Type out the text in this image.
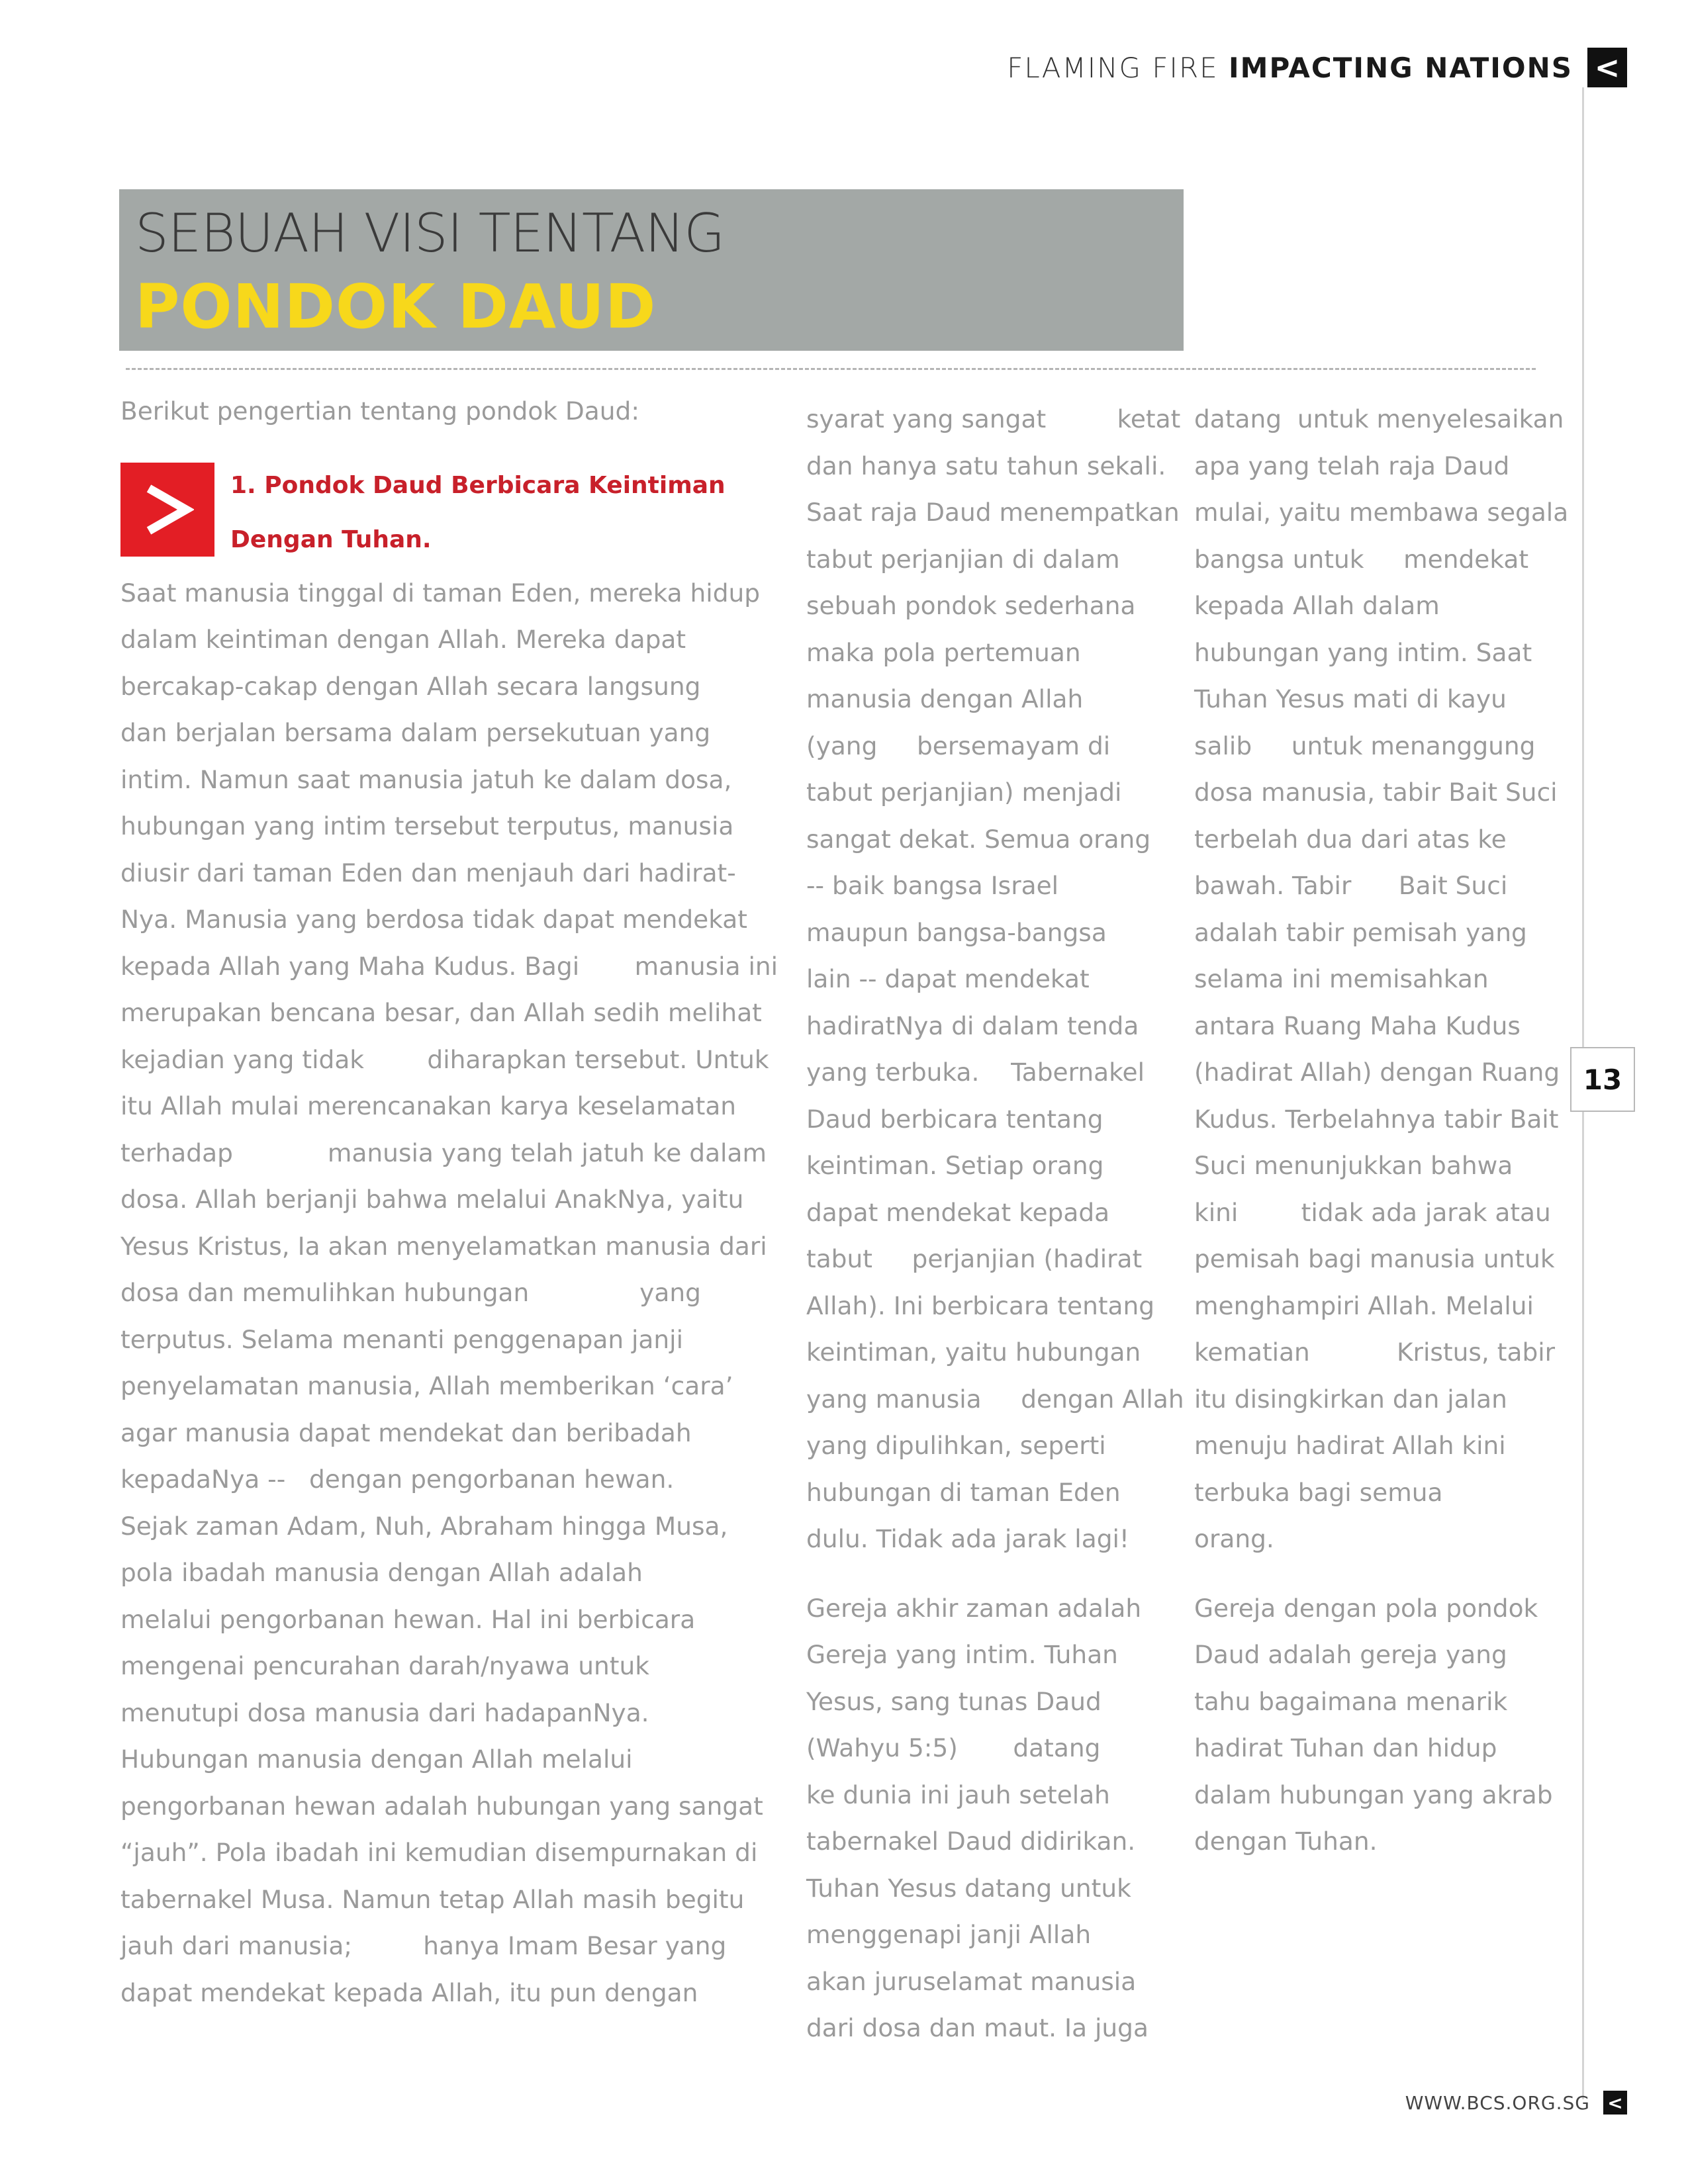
FLAMING FIRE IMPACTING NATIONS <
SEBUAH VISI TENTANG
PONDOK DAUD

Berikut pengertian tentang pondok Daud:

1. Pondok Daud Berbicara Keintiman
Dengan Tuhan.
Saat manusia tinggal di taman Eden, mereka hidup
dalam keintiman dengan Allah. Mereka dapat
bercakap-cakap dengan Allah secara langsung
dan berjalan bersama dalam persekutuan yang
intim. Namun saat manusia jatuh ke dalam dosa,
hubungan yang intim tersebut terputus, manusia
diusir dari taman Eden dan menjauh dari hadirat-
Nya. Manusia yang berdosa tidak dapat mendekat
kepada Allah yang Maha Kudus. Bagi       manusia ini
merupakan bencana besar, dan Allah sedih melihat
kejadian yang tidak        diharapkan tersebut. Untuk
itu Allah mulai merencanakan karya keselamatan
terhadap            manusia yang telah jatuh ke dalam
dosa. Allah berjanji bahwa melalui AnakNya, yaitu
Yesus Kristus, Ia akan menyelamatkan manusia dari
dosa dan memulihkan hubungan              yang
terputus. Selama menanti penggenapan janji
penyelamatan manusia, Allah memberikan ‘cara’
agar manusia dapat mendekat dan beribadah
kepadaNya --   dengan pengorbanan hewan.
Sejak zaman Adam, Nuh, Abraham hingga Musa,
pola ibadah manusia dengan Allah adalah
melalui pengorbanan hewan. Hal ini berbicara
mengenai pencurahan darah/nyawa untuk
menutupi dosa manusia dari hadapanNya.
Hubungan manusia dengan Allah melalui
pengorbanan hewan adalah hubungan yang sangat
“jauh”. Pola ibadah ini kemudian disempurnakan di
tabernakel Musa. Namun tetap Allah masih begitu
jauh dari manusia;         hanya Imam Besar yang
dapat mendekat kepada Allah, itu pun dengan
syarat yang sangat         ketat
dan hanya satu tahun sekali.
Saat raja Daud menempatkan
tabut perjanjian di dalam
sebuah pondok sederhana
maka pola pertemuan
manusia dengan Allah
(yang     bersemayam di
tabut perjanjian) menjadi
sangat dekat. Semua orang
-- baik bangsa Israel
maupun bangsa-bangsa
lain -- dapat mendekat
hadiratNya di dalam tenda
yang terbuka.    Tabernakel
Daud berbicara tentang
keintiman. Setiap orang
dapat mendekat kepada
tabut     perjanjian (hadirat
Allah). Ini berbicara tentang
keintiman, yaitu hubungan
yang manusia     dengan Allah
yang dipulihkan, seperti
hubungan di taman Eden
dulu. Tidak ada jarak lagi!
Gereja akhir zaman adalah
Gereja yang intim. Tuhan
Yesus, sang tunas Daud
(Wahyu 5:5)       datang
ke dunia ini jauh setelah
tabernakel Daud didirikan.
Tuhan Yesus datang untuk
menggenapi janji Allah
akan juruselamat manusia
dari dosa dan maut. Ia juga
datang  untuk menyelesaikan
apa yang telah raja Daud
mulai, yaitu membawa segala
bangsa untuk     mendekat
kepada Allah dalam
hubungan yang intim. Saat
Tuhan Yesus mati di kayu
salib     untuk menanggung
dosa manusia, tabir Bait Suci
terbelah dua dari atas ke
bawah. Tabir      Bait Suci
adalah tabir pemisah yang
selama ini memisahkan
antara Ruang Maha Kudus
(hadirat Allah) dengan Ruang
Kudus. Terbelahnya tabir Bait
Suci menunjukkan bahwa
kini        tidak ada jarak atau
pemisah bagi manusia untuk
menghampiri Allah. Melalui
kematian           Kristus, tabir
itu disingkirkan dan jalan
menuju hadirat Allah kini
terbuka bagi semua
orang.
Gereja dengan pola pondok
Daud adalah gereja yang
tahu bagaimana menarik
hadirat Tuhan dan hidup
dalam hubungan yang akrab
dengan Tuhan.
13
WWW.BCS.ORG.SG <
